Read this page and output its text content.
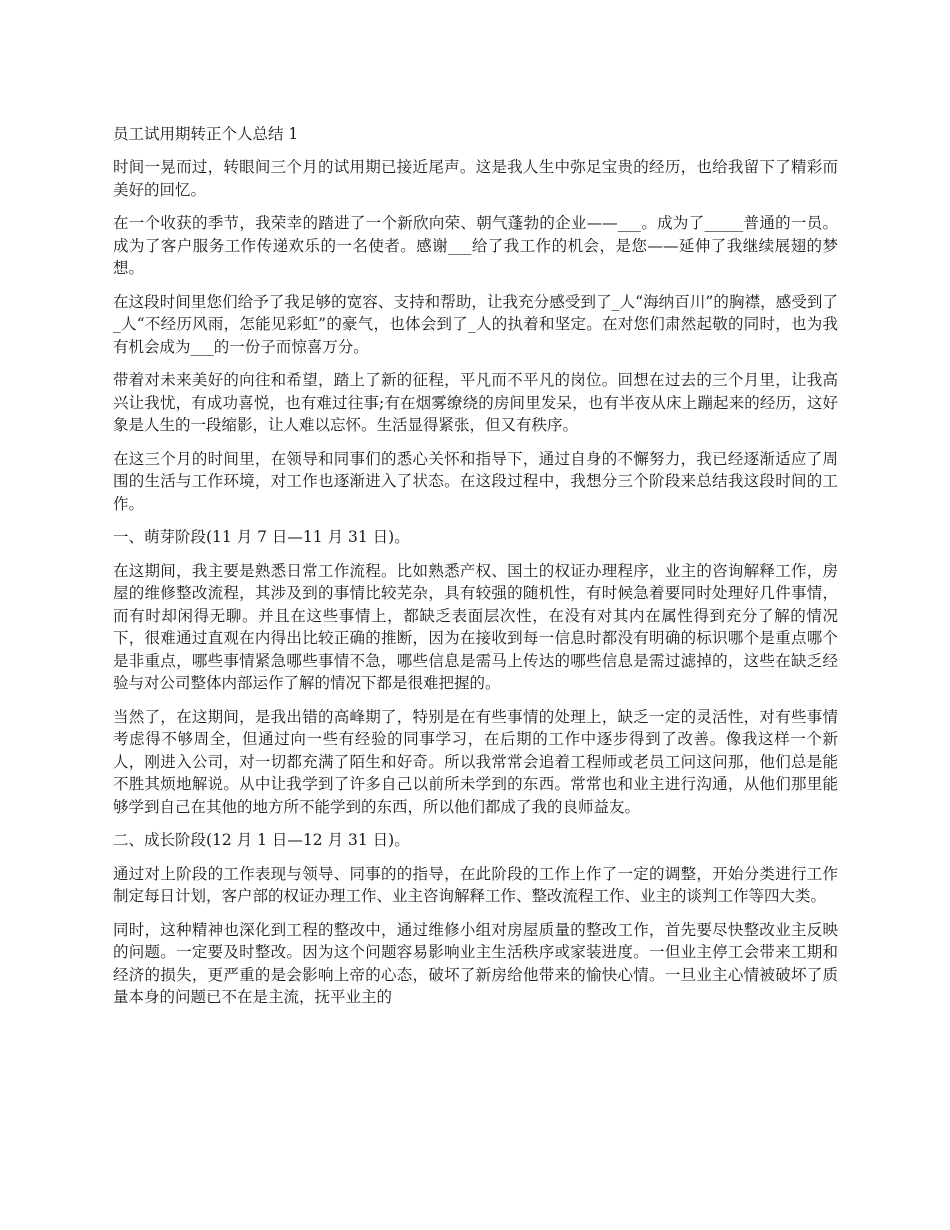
员工试用期转正个人总结 1

时间一晃而过，转眼间三个月的试用期已接近尾声。这是我人生中弥足宝贵的经历，也给我留下了精彩而美好的回忆。

在一个收获的季节，我荣幸的踏进了一个新欣向荣、朝气蓬勃的企业——___。成为了_____普通的一员。成为了客户服务工作传递欢乐的一名使者。感谢___给了我工作的机会，是您——延伸了我继续展翅的梦想。

在这段时间里您们给予了我足够的宽容、支持和帮助，让我充分感受到了_人“海纳百川”的胸襟，感受到了_人“不经历风雨，怎能见彩虹”的豪气，也体会到了_人的执着和坚定。在对您们肃然起敬的同时，也为我有机会成为___的一份子而惊喜万分。

带着对未来美好的向往和希望，踏上了新的征程，平凡而不平凡的岗位。回想在过去的三个月里，让我高兴让我忧，有成功喜悦，也有难过往事;有在烟雾缭绕的房间里发呆，也有半夜从床上蹦起来的经历，这好象是人生的一段缩影，让人难以忘怀。生活显得紧张，但又有秩序。

在这三个月的时间里，在领导和同事们的悉心关怀和指导下，通过自身的不懈努力，我已经逐渐适应了周围的生活与工作环境，对工作也逐渐进入了状态。在这段过程中，我想分三个阶段来总结我这段时间的工作。

一、萌芽阶段(11 月 7 日—11 月 31 日)。

在这期间，我主要是熟悉日常工作流程。比如熟悉产权、国土的权证办理程序，业主的咨询解释工作，房屋的维修整改流程，其涉及到的事情比较芜杂，具有较强的随机性，有时候急着要同时处理好几件事情，而有时却闲得无聊。并且在这些事情上，都缺乏表面层次性，在没有对其内在属性得到充分了解的情况下，很难通过直观在内得出比较正确的推断，因为在接收到每一信息时都没有明确的标识哪个是重点哪个是非重点，哪些事情紧急哪些事情不急，哪些信息是需马上传达的哪些信息是需过滤掉的，这些在缺乏经验与对公司整体内部运作了解的情况下都是很难把握的。

当然了，在这期间，是我出错的高峰期了，特别是在有些事情的处理上，缺乏一定的灵活性，对有些事情考虑得不够周全，但通过向一些有经验的同事学习，在后期的工作中逐步得到了改善。像我这样一个新人，刚进入公司，对一切都充满了陌生和好奇。所以我常常会追着工程师或老员工问这问那，他们总是能不胜其烦地解说。从中让我学到了许多自己以前所未学到的东西。常常也和业主进行沟通，从他们那里能够学到自己在其他的地方所不能学到的东西，所以他们都成了我的良师益友。

二、成长阶段(12 月 1 日—12 月 31 日)。

通过对上阶段的工作表现与领导、同事的的指导，在此阶段的工作上作了一定的调整，开始分类进行工作制定每日计划，客户部的权证办理工作、业主咨询解释工作、整改流程工作、业主的谈判工作等四大类。

同时，这种精神也深化到工程的整改中，通过维修小组对房屋质量的整改工作，首先要尽快整改业主反映的问题。一定要及时整改。因为这个问题容易影响业主生活秩序或家装进度。一但业主停工会带来工期和经济的损失，更严重的是会影响上帝的心态，破坏了新房给他带来的愉快心情。一旦业主心情被破坏了质量本身的问题已不在是主流，抚平业主的
